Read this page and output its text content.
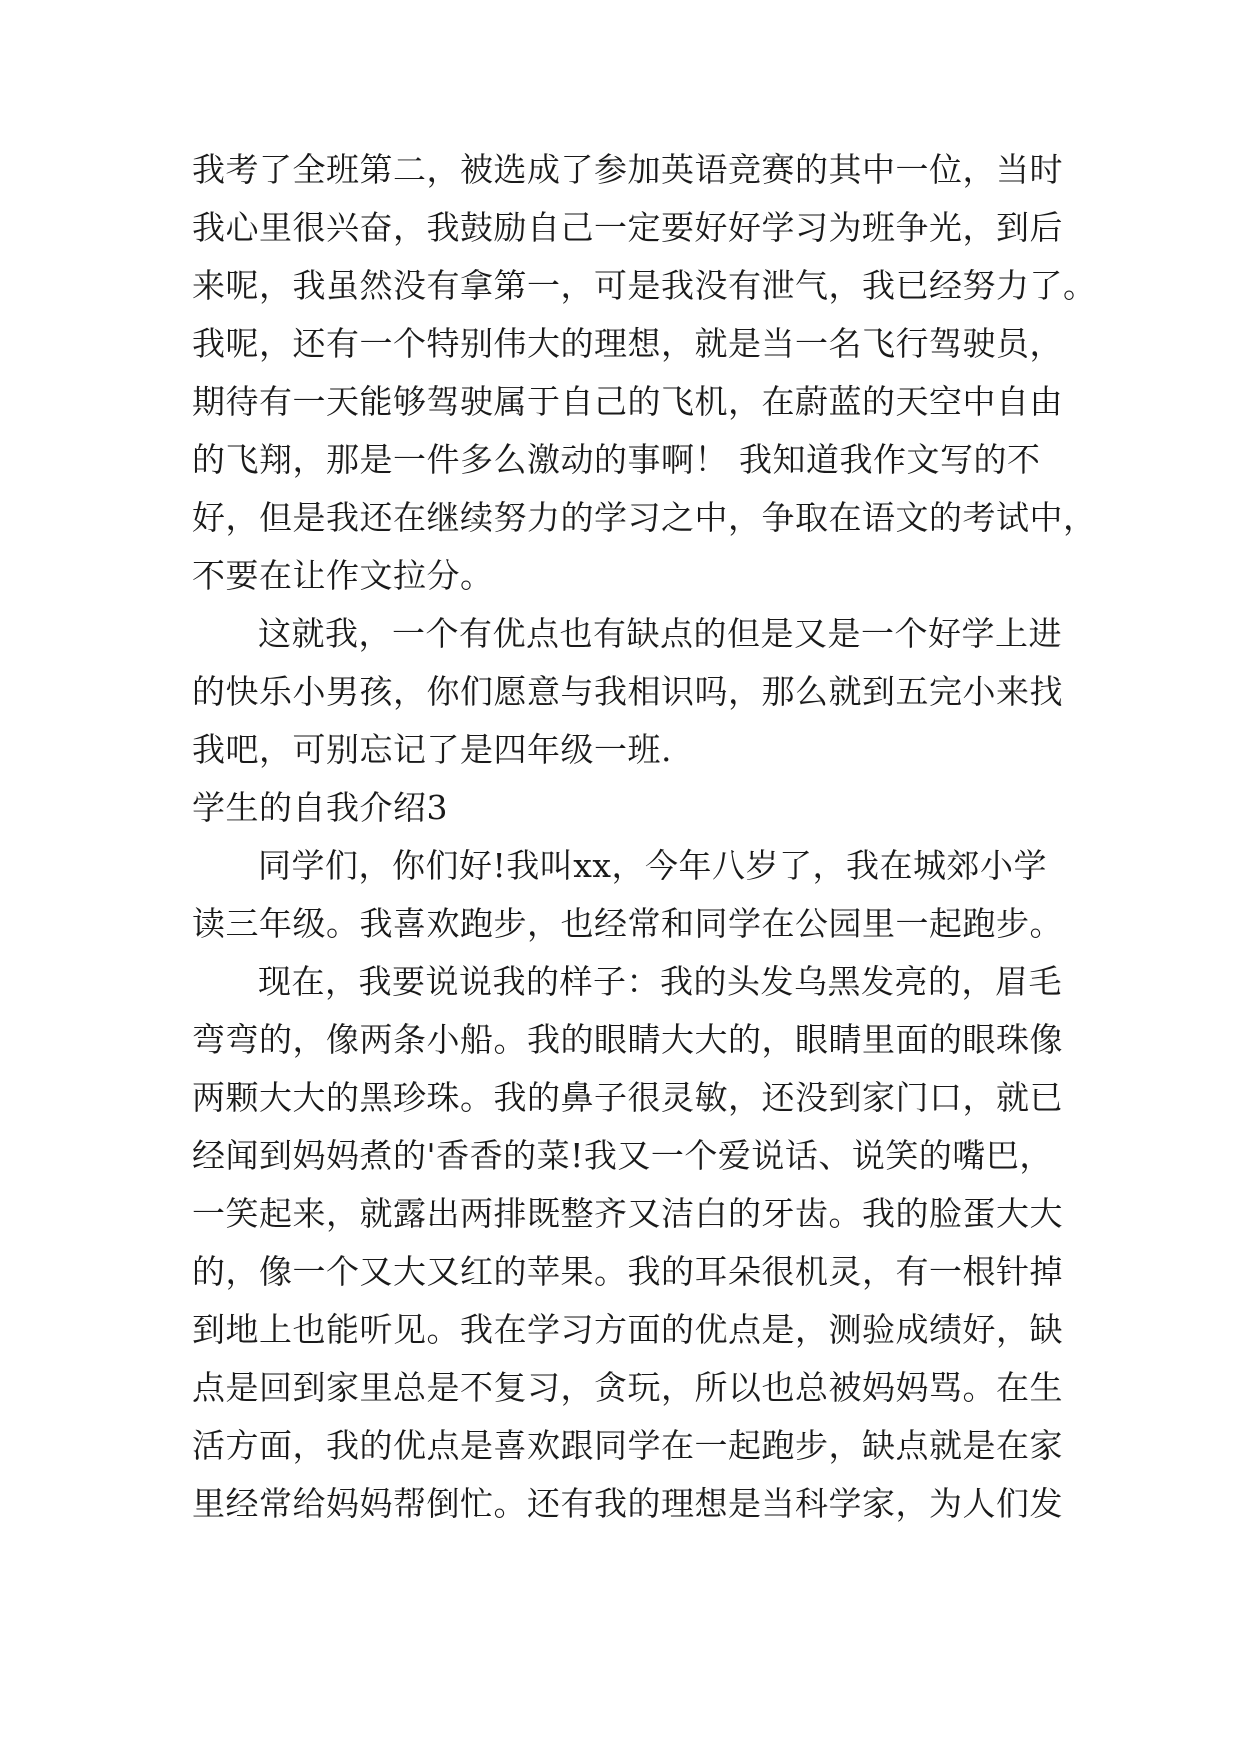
我考了全班第二，被选成了参加英语竞赛的其中一位，当时
我心里很兴奋，我鼓励自己一定要好好学习为班争光，到后
来呢，我虽然没有拿第一，可是我没有泄气，我已经努力了。
我呢，还有一个特别伟大的理想，就是当一名飞行驾驶员，
期待有一天能够驾驶属于自己的飞机，在蔚蓝的天空中自由
的飞翔，那是一件多么激动的事啊！ 我知道我作文写的不
好，但是我还在继续努力的学习之中，争取在语文的考试中，
不要在让作文拉分。
这就我，一个有优点也有缺点的但是又是一个好学上进
的快乐小男孩，你们愿意与我相识吗，那么就到五完小来找
我吧，可别忘记了是四年级一班.
学生的自我介绍3
同学们，你们好!我叫xx，今年八岁了，我在城郊小学
读三年级。我喜欢跑步，也经常和同学在公园里一起跑步。
现在，我要说说我的样子：我的头发乌黑发亮的，眉毛
弯弯的，像两条小船。我的眼睛大大的，眼睛里面的眼珠像
两颗大大的黑珍珠。我的鼻子很灵敏，还没到家门口，就已
经闻到妈妈煮的'香香的菜!我又一个爱说话、说笑的嘴巴，
一笑起来，就露出两排既整齐又洁白的牙齿。我的脸蛋大大
的，像一个又大又红的苹果。我的耳朵很机灵，有一根针掉
到地上也能听见。我在学习方面的优点是，测验成绩好，缺
点是回到家里总是不复习，贪玩，所以也总被妈妈骂。在生
活方面，我的优点是喜欢跟同学在一起跑步，缺点就是在家
里经常给妈妈帮倒忙。还有我的理想是当科学家，为人们发
